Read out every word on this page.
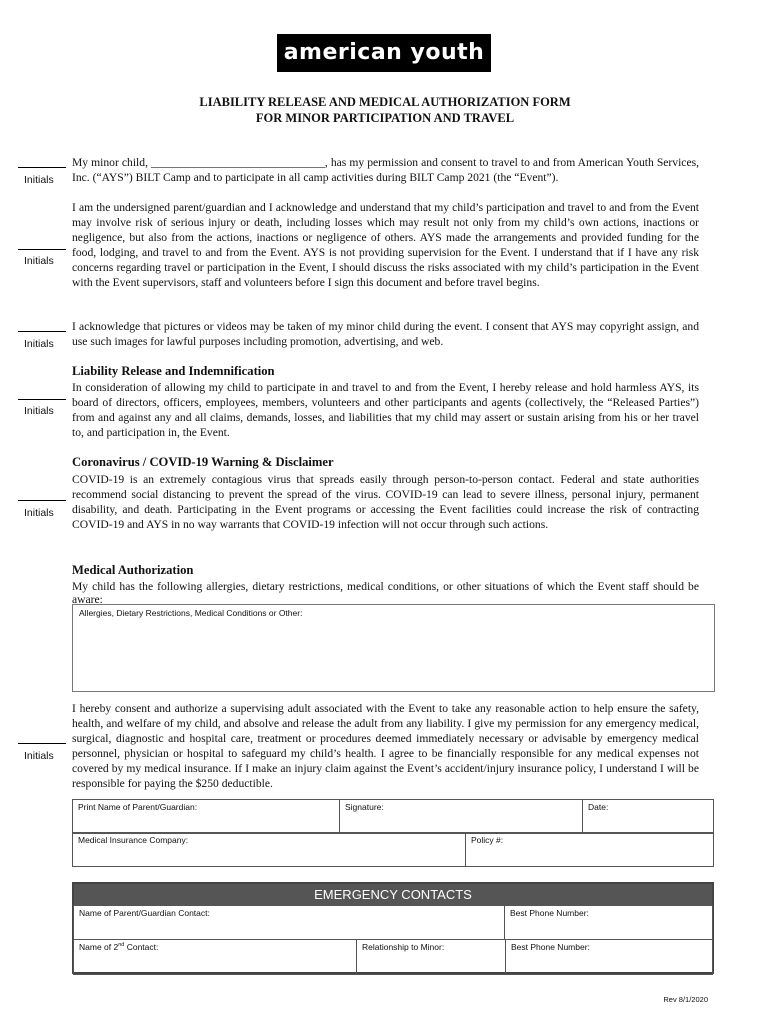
american youth
LIABILITY RELEASE AND MEDICAL AUTHORIZATION FORM
FOR MINOR PARTICIPATION AND TRAVEL
Initials
Initials
Initials
Initials
Initials
Initials
My minor child, ______________________________, has my permission and consent to travel to and from American Youth Services, Inc. (“AYS”) BILT Camp and to participate in all camp activities during BILT Camp 2021 (the “Event”).
I am the undersigned parent/guardian and I acknowledge and understand that my child’s participation and travel to and from the Event may involve risk of serious injury or death, including losses which may result not only from my child’s own actions, inactions or negligence, but also from the actions, inactions or negligence of others. AYS made the arrangements and provided funding for the food, lodging, and travel to and from the Event. AYS is not providing supervision for the Event. I understand that if I have any risk concerns regarding travel or participation in the Event, I should discuss the risks associated with my child’s participation in the Event with the Event supervisors, staff and volunteers before I sign this document and before travel begins.
I acknowledge that pictures or videos may be taken of my minor child during the event. I consent that AYS may copyright assign, and use such images for lawful purposes including promotion, advertising, and web.
Liability Release and Indemnification
In consideration of allowing my child to participate in and travel to and from the Event, I hereby release and hold harmless AYS, its board of directors, officers, employees, members, volunteers and other participants and agents (collectively, the “Released Parties”) from and against any and all claims, demands, losses, and liabilities that my child may assert or sustain arising from his or her travel to, and participation in, the Event.
Coronavirus / COVID-19 Warning & Disclaimer
COVID-19 is an extremely contagious virus that spreads easily through person-to-person contact. Federal and state authorities recommend social distancing to prevent the spread of the virus. COVID-19 can lead to severe illness, personal injury, permanent disability, and death. Participating in the Event programs or accessing the Event facilities could increase the risk of contracting COVID-19 and AYS in no way warrants that COVID-19 infection will not occur through such actions.
Medical Authorization
My child has the following allergies, dietary restrictions, medical conditions, or other situations of which the Event staff should be aware:
Allergies, Dietary Restrictions, Medical Conditions or Other:
I hereby consent and authorize a supervising adult associated with the Event to take any reasonable action to help ensure the safety, health, and welfare of my child, and absolve and release the adult from any liability. I give my permission for any emergency medical, surgical, diagnostic and hospital care, treatment or procedures deemed immediately necessary or advisable by emergency medical personnel, physician or hospital to safeguard my child’s health. I agree to be financially responsible for any medical expenses not covered by my medical insurance. If I make an injury claim against the Event’s accident/injury insurance policy, I understand I will be responsible for paying the $250 deductible.
Print Name of Parent/Guardian:	Signature:	Date:
Medical Insurance Company:	Policy #:
EMERGENCY CONTACTS
Name of Parent/Guardian Contact:	Best Phone Number:
Name of 2nd Contact:	Relationship to Minor:	Best Phone Number:
Rev 8/1/2020
